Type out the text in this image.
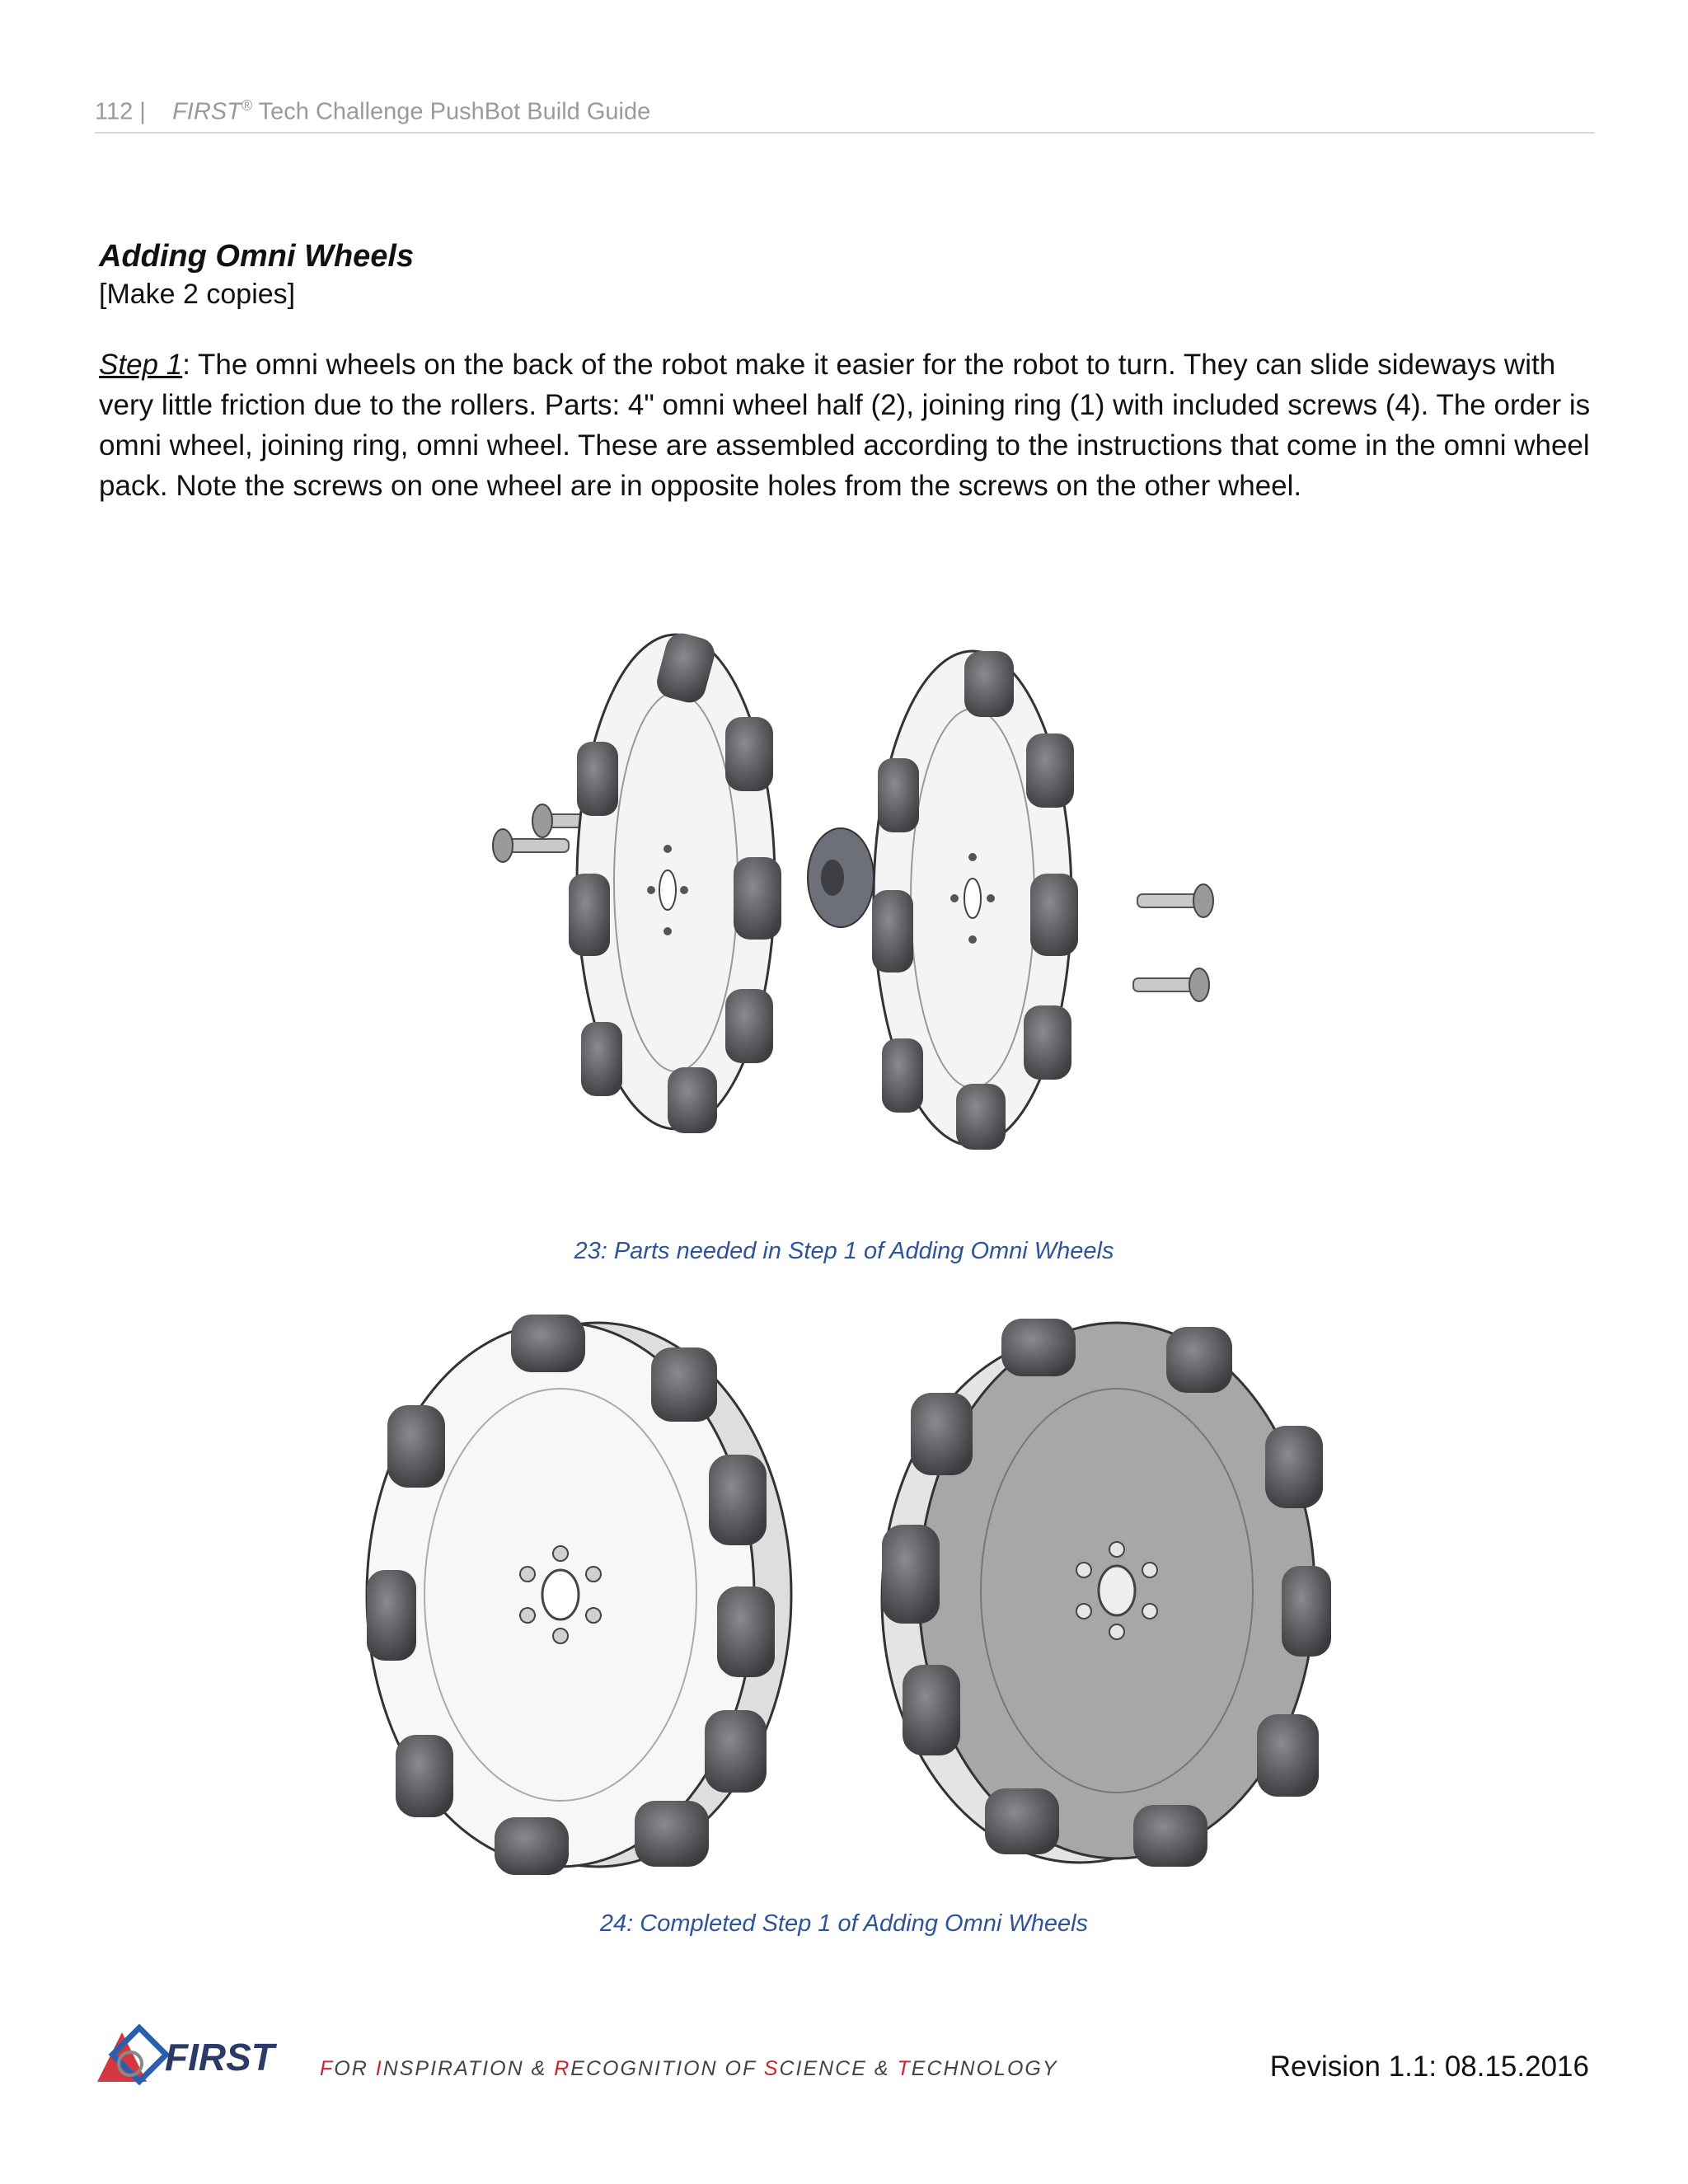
112 | FIRST® Tech Challenge PushBot Build Guide
Adding Omni Wheels
[Make 2 copies]

Step 1: The omni wheels on the back of the robot make it easier for the robot to turn. They can slide sideways with very little friction due to the rollers. Parts: 4" omni wheel half (2), joining ring (1) with included screws (4). The order is omni wheel, joining ring, omni wheel. These are assembled according to the instructions that come in the omni wheel pack. Note the screws on one wheel are in opposite holes from the screws on the other wheel.

23: Parts needed in Step 1 of Adding Omni Wheels
24: Completed Step 1 of Adding Omni Wheels
FIRST FOR INSPIRATION & RECOGNITION OF SCIENCE & TECHNOLOGY	Revision 1.1: 08.15.2016
